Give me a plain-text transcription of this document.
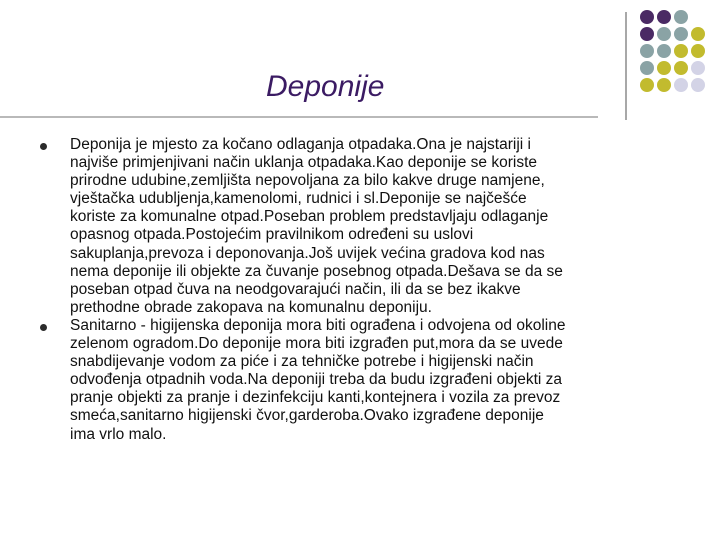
Deponije
Deponija je mjesto za kočano odlaganja otpadaka.Ona je najstariji i
najviše primjenjivani način uklanja otpadaka.Kao deponije se koriste
prirodne udubine,zemljišta nepovoljana za bilo kakve druge namjene,
vještačka udubljenja,kamenolomi, rudnici i sl.Deponije se najčešće
koriste za komunalne otpad.Poseban problem predstavljaju odlaganje
opasnog otpada.Postojećim pravilnikom određeni su uslovi
sakuplanja,prevoza i deponovanja.Još uvijek većina gradova kod nas
nema deponije ili objekte za čuvanje posebnog otpada.Dešava se da se
poseban otpad čuva na neodgovarajući način, ili da se bez ikakve
prethodne obrade zakopava na komunalnu deponiju.
Sanitarno - higijenska deponija mora biti ograđena i odvojena od okoline
zelenom ogradom.Do deponije mora biti izgrađen put,mora da se uvede
snabdijevanje vodom za piće i za tehničke potrebe i higijenski način
odvođenja otpadnih voda.Na deponiji treba da budu izgrađeni objekti za
pranje objekti za pranje i dezinfekciju kanti,kontejnera i vozila za prevoz
smeća,sanitarno higijenski čvor,garderoba.Ovako izgrađene deponije
ima vrlo malo.
